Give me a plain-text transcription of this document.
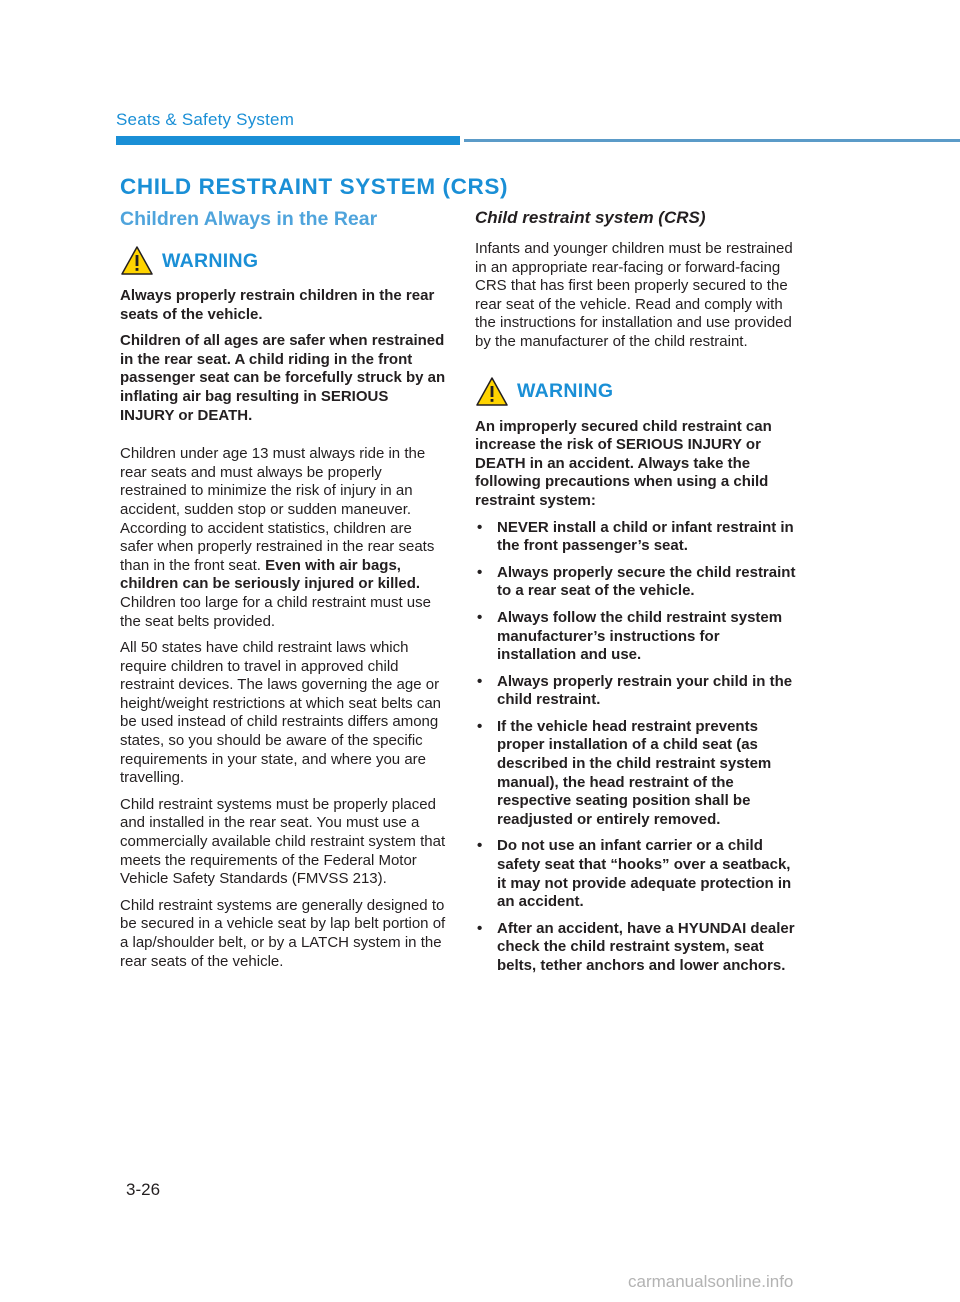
Seats & Safety System
CHILD RESTRAINT SYSTEM (CRS)
Children Always in the Rear
WARNING

Always properly restrain children in the rear seats of the vehicle.

Children of all ages are safer when restrained in the rear seat. A child riding in the front passenger seat can be forcefully struck by an inflating air bag resulting in SERIOUS INJURY or DEATH.

Children under age 13 must always ride in the rear seats and must always be properly restrained to minimize the risk of injury in an accident, sudden stop or sudden maneuver. According to accident statistics, children are safer when properly restrained in the rear seats than in the front seat. Even with air bags, children can be seriously injured or killed. Children too large for a child restraint must use the seat belts provided.

All 50 states have child restraint laws which require children to travel in approved child restraint devices. The laws governing the age or height/weight restrictions at which seat belts can be used instead of child restraints differs among states, so you should be aware of the specific requirements in your state, and where you are travelling.

Child restraint systems must be properly placed and installed in the rear seat. You must use a commercially available child restraint system that meets the requirements of the Federal Motor Vehicle Safety Standards (FMVSS 213).

Child restraint systems are generally designed to be secured in a vehicle seat by lap belt portion of a lap/shoulder belt, or by a LATCH system in the rear seats of the vehicle.

Child restraint system (CRS)

Infants and younger children must be restrained in an appropriate rear-facing or forward-facing CRS that has first been properly secured to the rear seat of the vehicle. Read and comply with the instructions for installation and use provided by the manufacturer of the child restraint.

WARNING

An improperly secured child restraint can increase the risk of SERIOUS INJURY or DEATH in an accident. Always take the following precautions when using a child restraint system:

• NEVER install a child or infant restraint in the front passenger’s seat.
• Always properly secure the child restraint to a rear seat of the vehicle.
• Always follow the child restraint system manufacturer’s instructions for installation and use.
• Always properly restrain your child in the child restraint.
• If the vehicle head restraint prevents proper installation of a child seat (as described in the child restraint system manual), the head restraint of the respective seating position shall be readjusted or entirely removed.
• Do not use an infant carrier or a child safety seat that “hooks” over a seatback, it may not provide adequate protection in an accident.
• After an accident, have a HYUNDAI dealer check the child restraint system, seat belts, tether anchors and lower anchors.
3-26
carmanualsonline.info
